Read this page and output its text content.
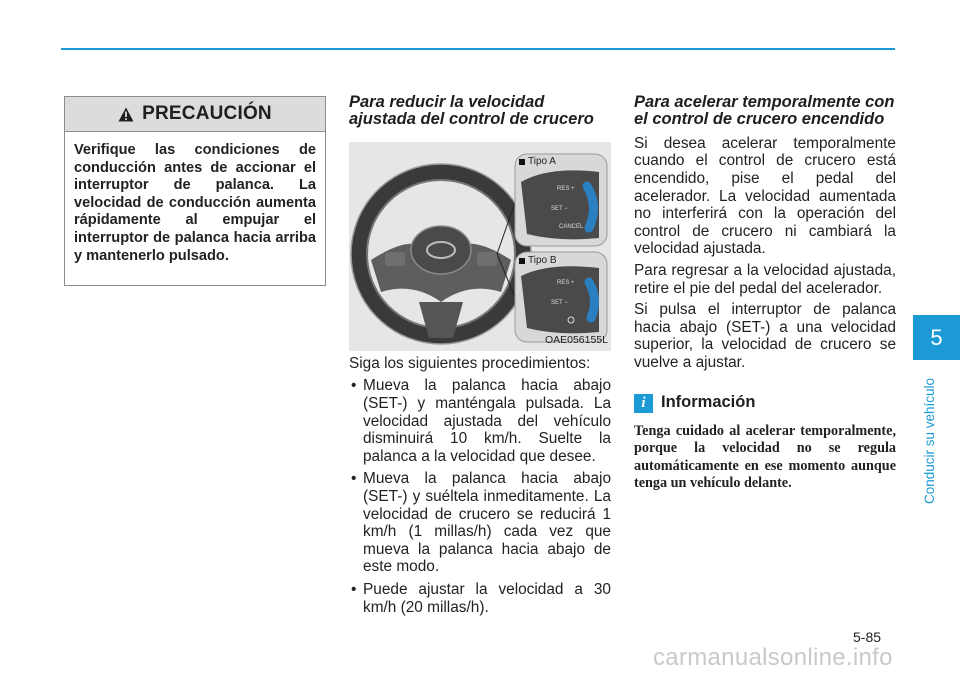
PRECAUCIÓN
Verifique las condiciones de conducción antes de accionar el interruptor de palanca. La velocidad de conducción aumenta rápidamente al empujar el interruptor de palanca hacia arriba y mantenerlo pulsado.
Para reducir la velocidad ajustada del control de crucero
RES +
SET −
CANCEL
RES +
SET −
Tipo A
Tipo B
OAE056155L
Siga los siguientes procedimientos:
• Mueva la palanca hacia abajo (SET-) y manténgala pulsada. La velocidad ajustada del vehículo disminuirá 10 km/h. Suelte la palanca a la velocidad que desee.
• Mueva la palanca hacia abajo (SET-) y suéltela inmeditamente. La velocidad de crucero se reducirá 1 km/h (1 millas/h) cada vez que mueva la palanca hacia abajo de este modo.
• Puede ajustar la velocidad a 30 km/h (20 millas/h).
Para acelerar temporalmente con el control de crucero encendido
Si desea acelerar temporalmente cuando el control de crucero está encendido, pise el pedal del acelerador. La velocidad aumentada no interferirá con la operación del control de crucero ni cambiará la velocidad ajustada.
Para regresar a la velocidad ajustada, retire el pie del pedal del acelerador.
Si pulsa el interruptor de palanca hacia abajo (SET-) a una velocidad superior, la velocidad de crucero se vuelve a ajustar.
i Información
Tenga cuidado al acelerar temporalmente, porque la velocidad no se regula automáticamente en ese momento aunque tenga un vehículo delante.
5
Conducir su vehículo
5-85
carmanualsonline.info
